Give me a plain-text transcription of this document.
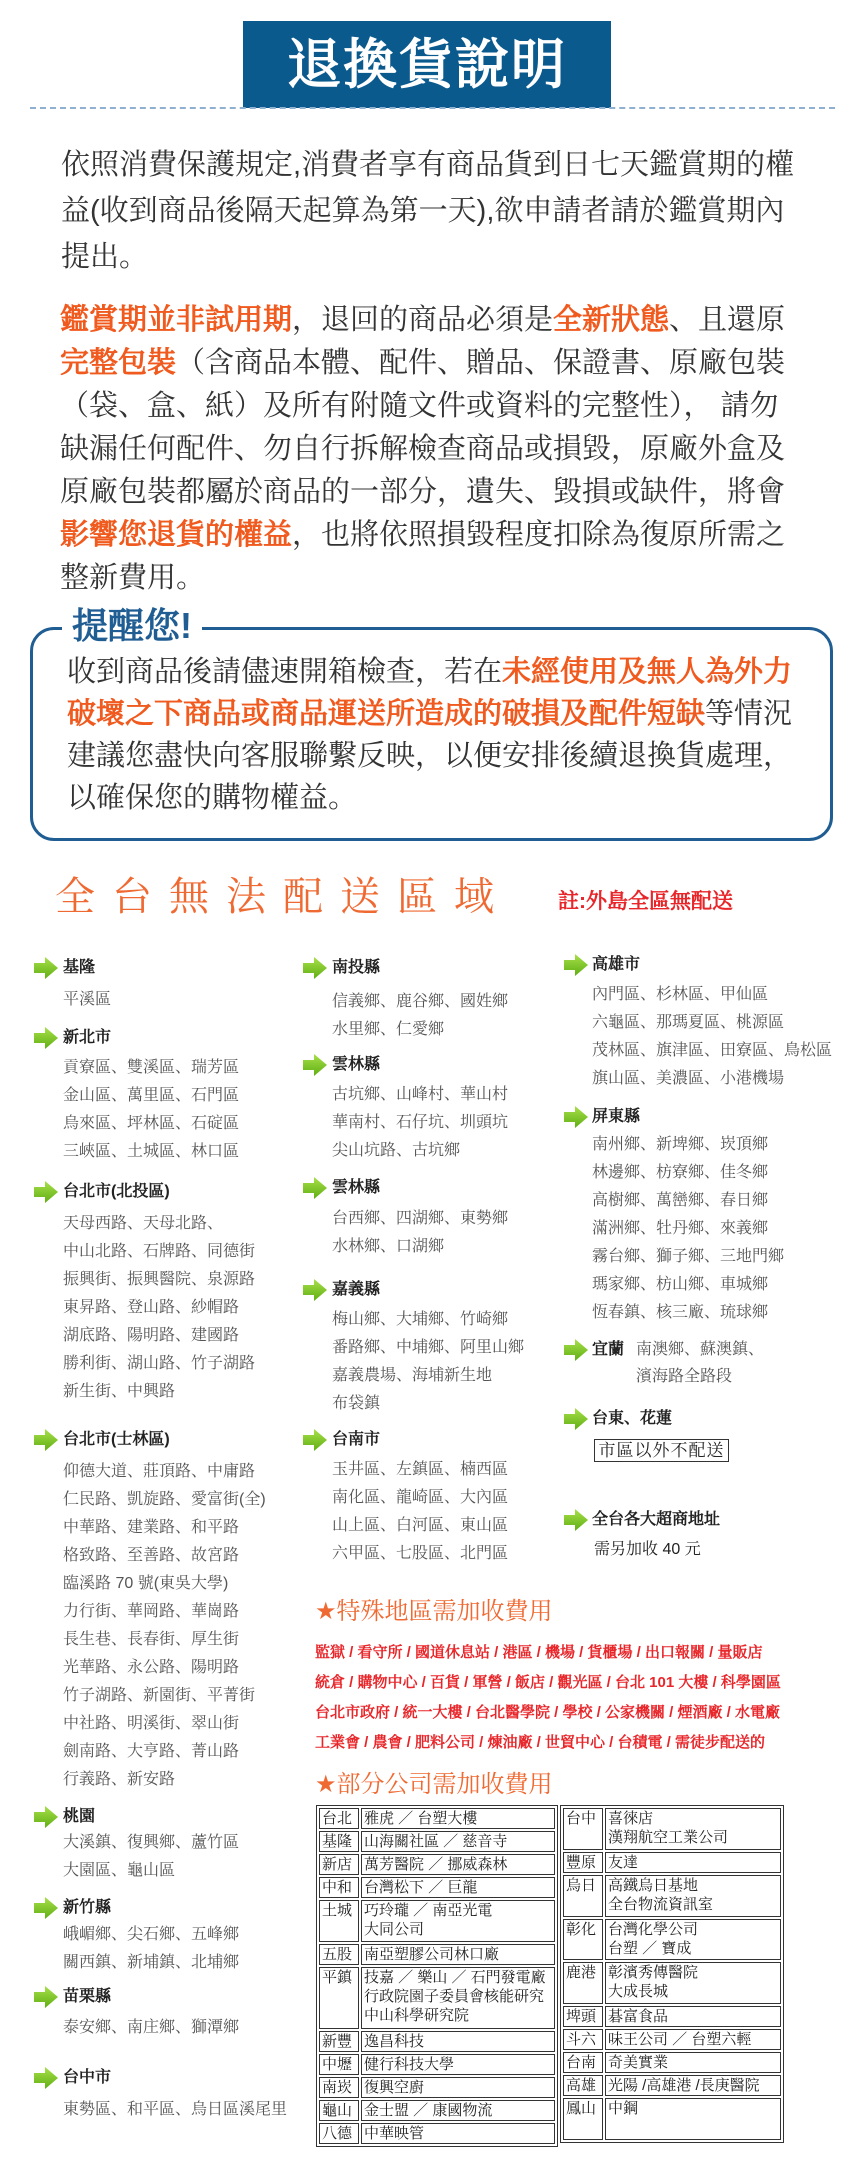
退換貨說明
依照消費保護規定,消費者享有商品貨到日七天鑑賞期的權
益(收到商品後隔天起算為第一天),欲申請者請於鑑賞期內
提出。
鑑賞期並非試用期，退回的商品必須是全新狀態、且還原
完整包裝（含商品本體、配件、贈品、保證書、原廠包裝
（袋、盒、紙）及所有附隨文件或資料的完整性）， 請勿
缺漏任何配件、勿自行拆解檢查商品或損毀，原廠外盒及
原廠包裝都屬於商品的一部分，遺失、毀損或缺件，將會
影響您退貨的權益，也將依照損毀程度扣除為復原所需之
整新費用。
提醒您!
收到商品後請儘速開箱檢查，若在未經使用及無人為外力
破壞之下商品或商品運送所造成的破損及配件短缺等情況
建議您盡快向客服聯繫反映，以便安排後續退換貨處理，
以確保您的購物權益。
全台無法配送區域 註:外島全區無配送
基隆
平溪區
新北市
貢寮區、雙溪區、瑞芳區
金山區、萬里區、石門區
烏來區、坪林區、石碇區
三峽區、土城區、林口區
台北市(北投區)
天母西路、天母北路、
中山北路、石牌路、同德街
振興街、振興醫院、泉源路
東昇路、登山路、紗帽路
湖底路、陽明路、建國路
勝利街、湖山路、竹子湖路
新生街、中興路
台北市(士林區)
仰德大道、莊頂路、中庸路
仁民路、凱旋路、愛富街(全)
中華路、建業路、和平路
格致路、至善路、故宮路
臨溪路 70 號(東吳大學)
力行街、華岡路、華崗路
長生巷、長春街、厚生街
光華路、永公路、陽明路
竹子湖路、新園街、平菁街
中社路、明溪街、翠山街
劍南路、大亨路、菁山路
行義路、新安路
桃園
大溪鎮、復興鄉、蘆竹區
大園區、龜山區
新竹縣
峨嵋鄉、尖石鄉、五峰鄉
關西鎮、新埔鎮、北埔鄉
苗栗縣
泰安鄉、南庄鄉、獅潭鄉
台中市
東勢區、和平區、烏日區溪尾里
南投縣
信義鄉、鹿谷鄉、國姓鄉
水里鄉、仁愛鄉
雲林縣
古坑鄉、山峰村、華山村
華南村、石仔坑、圳頭坑
尖山坑路、古坑鄉
雲林縣
台西鄉、四湖鄉、東勢鄉
水林鄉、口湖鄉
嘉義縣
梅山鄉、大埔鄉、竹崎鄉
番路鄉、中埔鄉、阿里山鄉
嘉義農場、海埔新生地
布袋鎮
台南市
玉井區、左鎮區、楠西區
南化區、龍崎區、大內區
山上區、白河區、東山區
六甲區、七股區、北門區
高雄市
內門區、杉林區、甲仙區
六龜區、那瑪夏區、桃源區
茂林區、旗津區、田寮區、鳥松區
旗山區、美濃區、小港機場
屏東縣
南州鄉、新埤鄉、崁頂鄉
林邊鄉、枋寮鄉、佳冬鄉
高樹鄉、萬巒鄉、春日鄉
滿洲鄉、牡丹鄉、來義鄉
霧台鄉、獅子鄉、三地門鄉
瑪家鄉、枋山鄉、車城鄉
恆春鎮、核三廠、琉球鄉
宜蘭 南澳鄉、蘇澳鎮、
濱海路全路段
台東、花蓮
全台各大超商地址
市區以外不配送
需另加收 40 元
★特殊地區需加收費用
監獄 / 看守所 / 國道休息站 / 港區 / 機場 / 貨櫃場 / 出口報關 / 量販店
統倉 / 購物中心 / 百貨 / 軍營 / 飯店 / 觀光區 / 台北 101 大樓 / 科學園區
台北市政府 / 統一大樓 / 台北醫學院 / 學校 / 公家機關 / 煙酒廠 / 水電廠
工業會 / 農會 / 肥料公司 / 煉油廠 / 世貿中心 / 台積電 / 需徒步配送的
★部分公司需加收費用
台北	雅虎 ／ 台塑大樓

基隆	山海關社區 ／ 慈音寺

新店	萬芳醫院 ／ 挪威森林

中和	台灣松下 ／ 巨龍

土城	巧玲瓏 ／ 南亞光電
大同公司

五股	南亞塑膠公司林口廠

平鎮	技嘉 ／ 樂山 ／ 石門發電廠
行政院園子委員會核能研究
中山科學研究院

新豐	逸昌科技

中壢	健行科技大學

南崁	復興空廚

龜山	金士盟 ／ 康國物流

八德	中華映管
台中	喜徠店
漢翔航空工業公司

豐原	友達

烏日	高鐵烏日基地
全台物流資訊室

彰化	台灣化學公司
台塑 ／ 寶成

鹿港	彰濱秀傳醫院
大成長城

埤頭	碁富食品

斗六	味王公司 ／ 台塑六輕

台南	奇美實業

高雄	光陽 /高雄港 /長庚醫院

鳳山	中鋼
